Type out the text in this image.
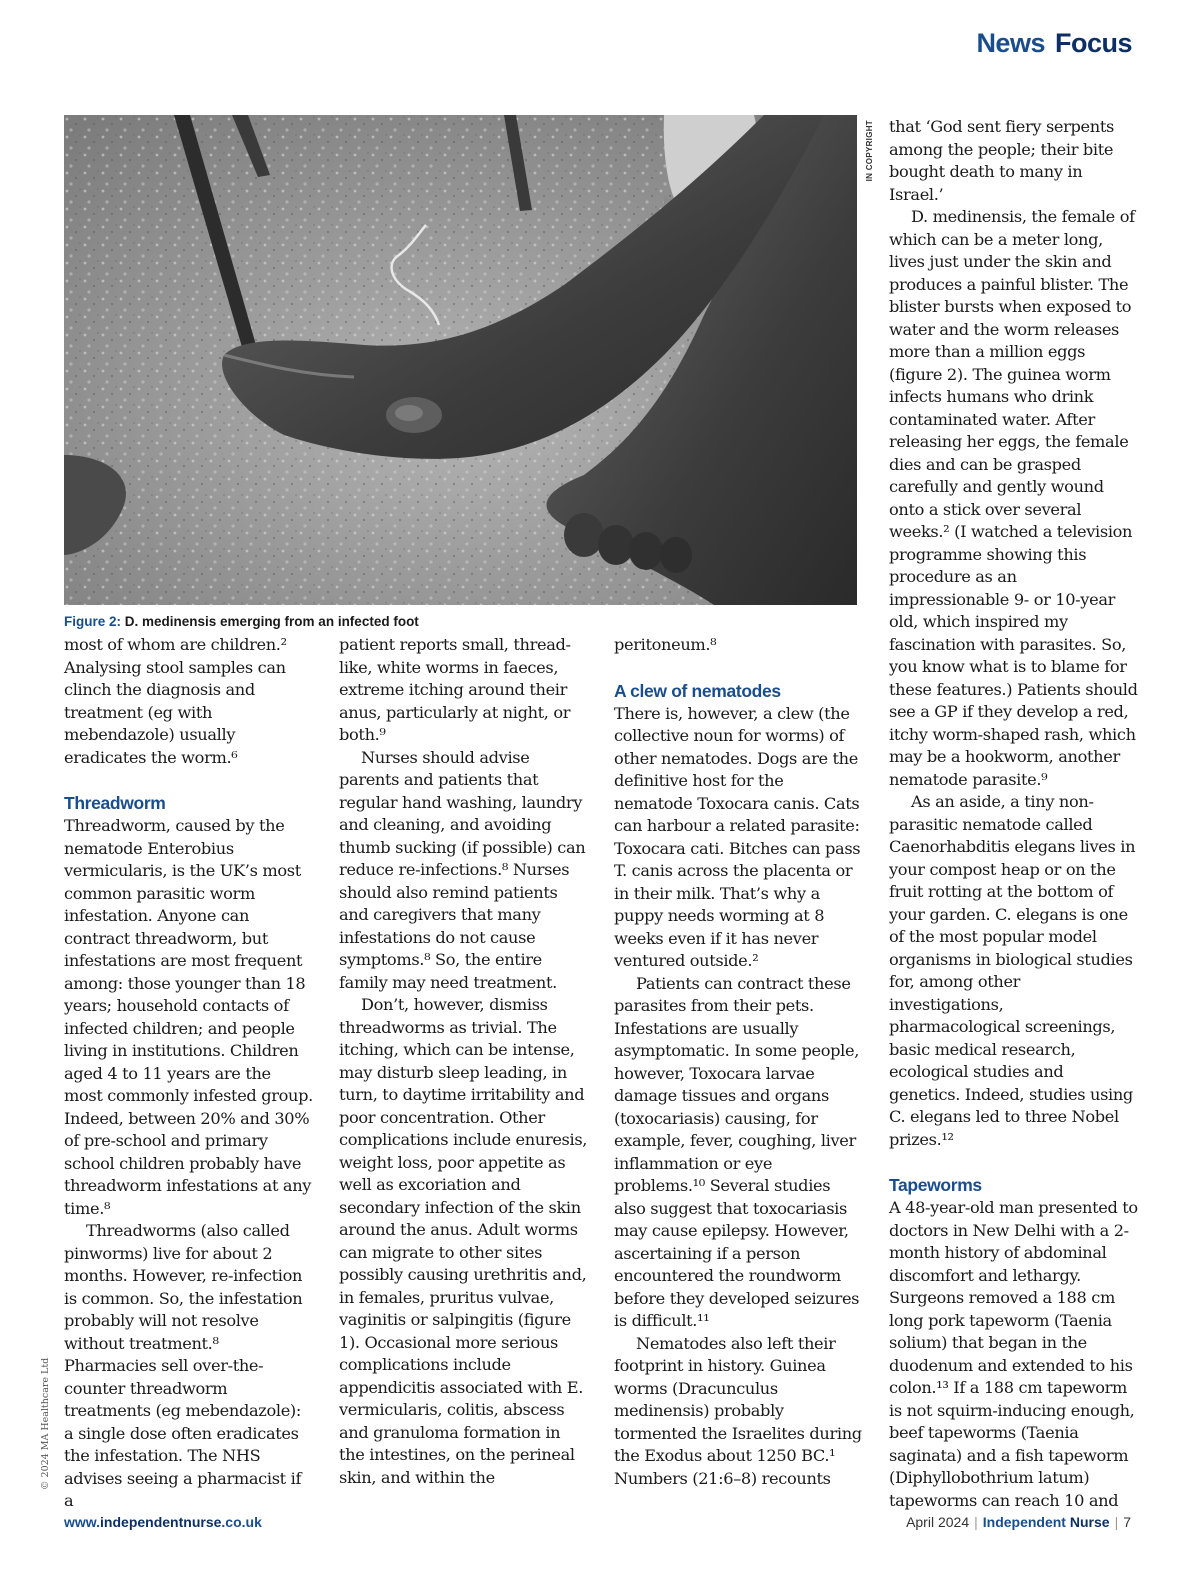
News Focus
IN COPYRIGHT
Figure 2: D. medinensis emerging from an infected foot

most of whom are children.² Analysing stool samples can clinch the diagnosis and treatment (eg with mebendazole) usually eradicates the worm.⁶

Threadworm

Threadworm, caused by the nematode Enterobius vermicularis, is the UK’s most common parasitic worm infestation. Anyone can contract threadworm, but infestations are most frequent among: those younger than 18 years; household contacts of infected children; and people living in institutions. Children aged 4 to 11 years are the most commonly infested group. Indeed, between 20% and 30% of pre-school and primary school children probably have threadworm infestations at any time.⁸

Threadworms (also called pinworms) live for about 2 months. However, re-infection is common. So, the infestation probably will not resolve without treatment.⁸ Pharmacies sell over-the-counter threadworm treatments (eg mebendazole): a single dose often eradicates the infestation. The NHS advises seeing a pharmacist if a

patient reports small, thread-like, white worms in faeces, extreme itching around their anus, particularly at night, or both.⁹

Nurses should advise parents and patients that regular hand washing, laundry and cleaning, and avoiding thumb sucking (if possible) can reduce re-infections.⁸ Nurses should also remind patients and caregivers that many infestations do not cause symptoms.⁸ So, the entire family may need treatment.

Don’t, however, dismiss threadworms as trivial. The itching, which can be intense, may disturb sleep leading, in turn, to daytime irritability and poor concentration. Other complications include enuresis, weight loss, poor appetite as well as excoriation and secondary infection of the skin around the anus. Adult worms can migrate to other sites possibly causing urethritis and, in females, pruritus vulvae, vaginitis or salpingitis (figure 1). Occasional more serious complications include appendicitis associated with E. vermicularis, colitis, abscess and granuloma formation in the intestines, on the perineal skin, and within the

peritoneum.⁸

A clew of nematodes

There is, however, a clew (the collective noun for worms) of other nematodes. Dogs are the definitive host for the nematode Toxocara canis. Cats can harbour a related parasite: Toxocara cati. Bitches can pass T. canis across the placenta or in their milk. That’s why a puppy needs worming at 8 weeks even if it has never ventured outside.²

Patients can contract these parasites from their pets. Infestations are usually asymptomatic. In some people, however, Toxocara larvae damage tissues and organs (toxocariasis) causing, for example, fever, coughing, liver inflammation or eye problems.¹⁰ Several studies also suggest that toxocariasis may cause epilepsy. However, ascertaining if a person encountered the roundworm before they developed seizures is difficult.¹¹

Nematodes also left their footprint in history. Guinea worms (Dracunculus medinensis) probably tormented the Israelites during the Exodus about 1250 BC.¹ Numbers (21:6–8) recounts

that ‘God sent fiery serpents among the people; their bite bought death to many in Israel.’

D. medinensis, the female of which can be a meter long, lives just under the skin and produces a painful blister. The blister bursts when exposed to water and the worm releases more than a million eggs (figure 2). The guinea worm infects humans who drink contaminated water. After releasing her eggs, the female dies and can be grasped carefully and gently wound onto a stick over several weeks.² (I watched a television programme showing this procedure as an impressionable 9- or 10-year old, which inspired my fascination with parasites. So, you know what is to blame for these features.) Patients should see a GP if they develop a red, itchy worm-shaped rash, which may be a hookworm, another nematode parasite.⁹

As an aside, a tiny non-parasitic nematode called Caenorhabditis elegans lives in your compost heap or on the fruit rotting at the bottom of your garden. C. elegans is one of the most popular model organisms in biological studies for, among other investigations, pharmacological screenings, basic medical research, ecological studies and genetics. Indeed, studies using C. elegans led to three Nobel prizes.¹²

Tapeworms

A 48-year-old man presented to doctors in New Delhi with a 2-month history of abdominal discomfort and lethargy. Surgeons removed a 188 cm long pork tapeworm (Taenia solium) that began in the duodenum and extended to his colon.¹³ If a 188 cm tapeworm is not squirm-inducing enough, beef tapeworms (Taenia saginata) and a fish tapeworm (Diphyllobothrium latum) tapeworms can reach 10 and

© 2024 MA Healthcare Ltd
www.independentnurse.co.uk	April 2024 | Independent Nurse | 7
